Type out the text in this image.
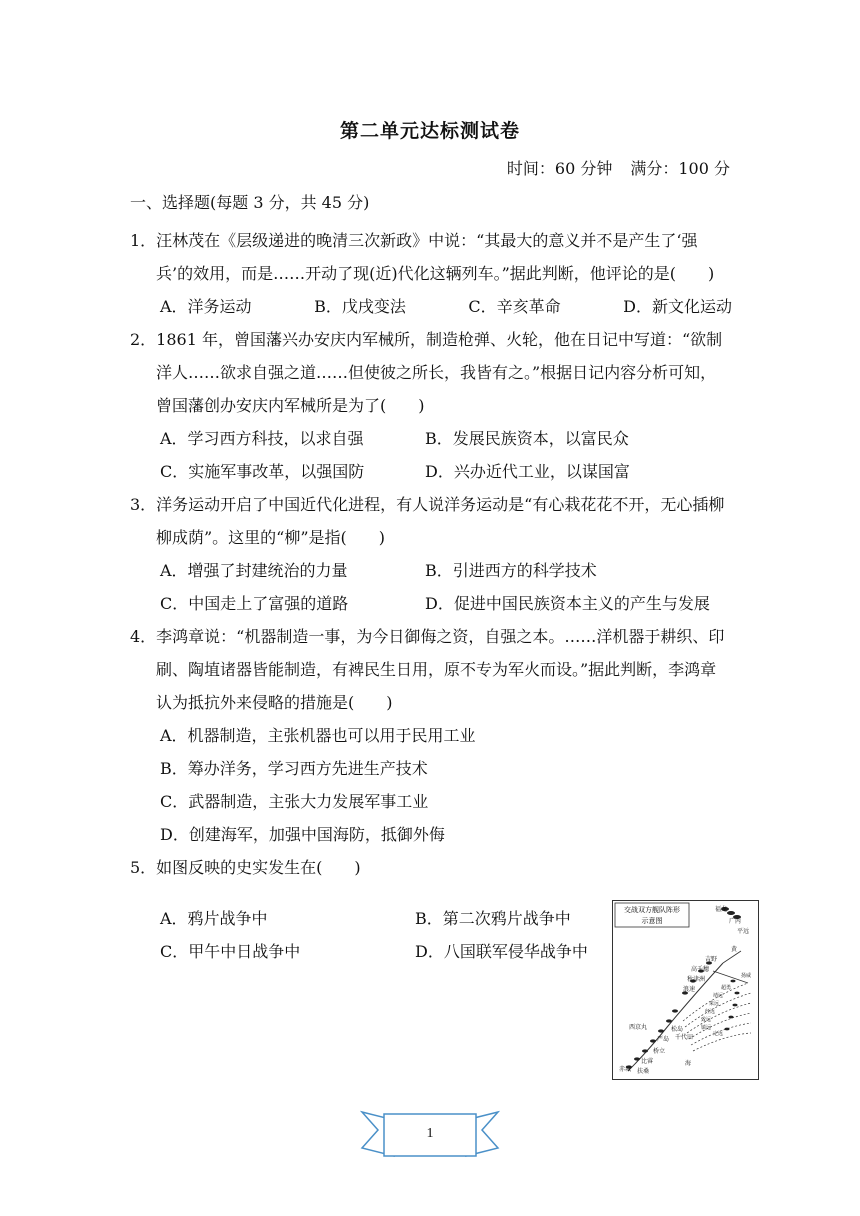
第二单元达标测试卷
时间：60 分钟 满分：100 分
一、选择题(每题 3 分，共 45 分)

1．汪林茂在《层级递进的晚清三次新政》中说：“其最大的意义并不是产生了‘强兵’的效用，而是……开动了现(近)代化这辆列车。”据此判断，他评论的是(　　)

A．洋务运动	B．戊戌变法	C．辛亥革命	D．新文化运动

2．1861 年，曾国藩兴办安庆内军械所，制造枪弹、火轮，他在日记中写道：“欲制洋人……欲求自强之道……但使彼之所长，我皆有之。”根据日记内容分析可知，曾国藩创办安庆内军械所是为了(　　)

A．学习西方科技，以求自强	B．发展民族资本，以富民众
C．实施军事改革，以强国防	D．兴办近代工业，以谋国富

3．洋务运动开启了中国近代化进程，有人说洋务运动是“有心栽花花不开，无心插柳柳成荫”。这里的“柳”是指(　　)

A．增强了封建统治的力量	B．引进西方的科学技术
C．中国走上了富强的道路	D．促进中国民族资本主义的产生与发展

4．李鸿章说：“机器制造一事，为今日御侮之资，自强之本。……洋机器于耕织、印刷、陶埴诸器皆能制造，有裨民生日用，原不专为军火而设。”据此判断，李鸿章认为抵抗外来侵略的措施是(　　)

A．机器制造，主张机器也可以用于民用工业
B．筹办洋务，学习西方先进生产技术
C．武器制造，主张大力发展军事工业
D．创建海军，加强中国海防，抵御外侮

5．如图反映的史实发生在(　　)

A．鸦片战争中	B．第二次鸦片战争中
C．甲午中日战争中	D．八国联军侵华战争中
交战双方舰队阵形
示意图
福龙
广丙
平远
黄
吉野
高千穗
秋津洲
浪速
扬威
超勇
靖远
来远
经远
致远
镇远
定远
西京丸	松岛
千代田
严岛
桥立
比睿
扶桑
赤城
海
1
